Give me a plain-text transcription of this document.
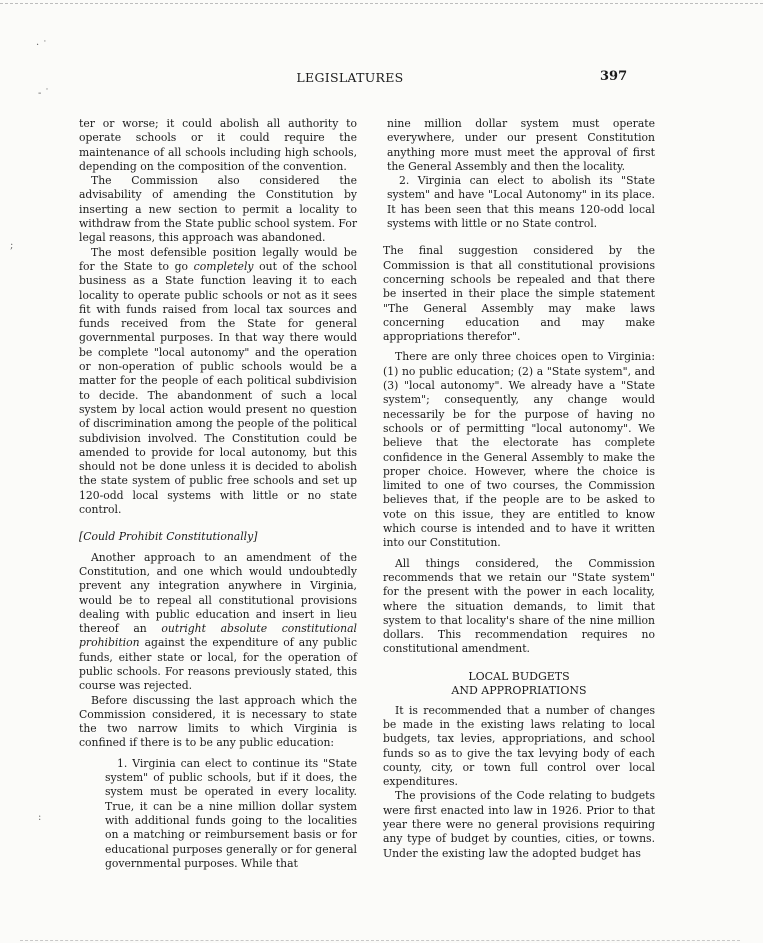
LEGISLATURES	397
· ˙
- ˙
;
:

ter or worse; it could abolish all authority to operate schools or it could require the maintenance of all schools including high schools, depending on the composition of the convention.

The Commission also considered the advisability of amending the Constitution by inserting a new section to permit a locality to withdraw from the State public school system. For legal reasons, this approach was abandoned.

The most defensible position legally would be for the State to go completely out of the school business as a State function leaving it to each locality to operate public schools or not as it sees fit with funds raised from local tax sources and funds received from the State for general governmental purposes. In that way there would be complete "local autonomy" and the operation or non-operation of public schools would be a matter for the people of each political subdivision to decide. The abandonment of such a local system by local action would present no question of discrimination among the people of the political subdivision involved. The Constitution could be amended to provide for local autonomy, but this should not be done unless it is decided to abolish the state system of public free schools and set up 120-odd local systems with little or no state control.

[Could Prohibit Constitutionally]

Another approach to an amendment of the Constitution, and one which would undoubtedly prevent any integration anywhere in Virginia, would be to repeal all constitutional provisions dealing with public education and insert in lieu thereof an outright absolute constitutional prohibition against the expenditure of any public funds, either state or local, for the operation of public schools. For reasons previously stated, this course was rejected.

Before discussing the last approach which the Commission considered, it is necessary to state the two narrow limits to which Virginia is confined if there is to be any public education:

1. Virginia can elect to continue its "State system" of public schools, but if it does, the system must be operated in every locality. True, it can be a nine million dollar system with additional funds going to the localities on a matching or reimbursement basis or for educational purposes generally or for general governmental purposes. While that

nine million dollar system must operate everywhere, under our present Constitution anything more must meet the approval of first the General Assembly and then the locality.

2. Virginia can elect to abolish its "State system" and have "Local Autonomy" in its place. It has been seen that this means 120-odd local systems with little or no State control.

The final suggestion considered by the Commission is that all constitutional provisions concerning schools be repealed and that there be inserted in their place the simple statement "The General Assembly may make laws concerning education and may make appropriations therefor".

There are only three choices open to Virginia: (1) no public education; (2) a "State system", and (3) "local autonomy". We already have a "State system"; consequently, any change would necessarily be for the purpose of having no schools or of permitting "local autonomy". We believe that the electorate has complete confidence in the General Assembly to make the proper choice. However, where the choice is limited to one of two courses, the Commission believes that, if the people are to be asked to vote on this issue, they are entitled to know which course is intended and to have it written into our Constitution.

All things considered, the Commission recommends that we retain our "State system" for the present with the power in each locality, where the situation demands, to limit that system to that locality's share of the nine million dollars. This recommendation requires no constitutional amendment.

LOCAL BUDGETS

AND APPROPRIATIONS

It is recommended that a number of changes be made in the existing laws relating to local budgets, tax levies, appropriations, and school funds so as to give the tax levying body of each county, city, or town full control over local expenditures.

The provisions of the Code relating to budgets were first enacted into law in 1926. Prior to that year there were no general provisions requiring any type of budget by counties, cities, or towns. Under the existing law the adopted budget has
